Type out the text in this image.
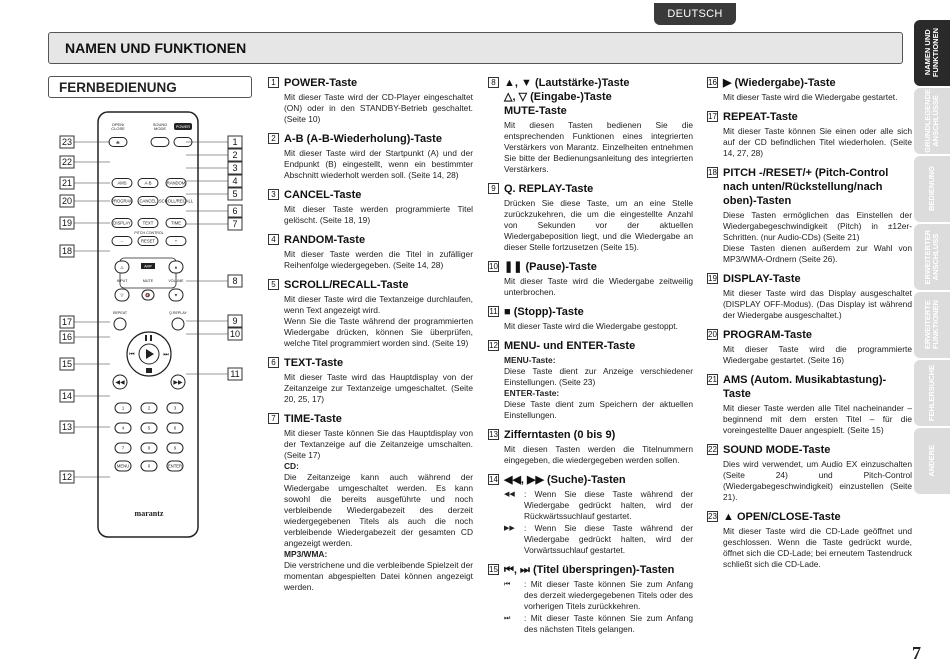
DEUTSCH
NAMEN UND FUNKTIONEN
NAMEN UND
FUNKTIONEN
GRUNDLEGENDE
ANSCHLÜSSE
BEDIENUNG
ERWEITERTER
ANSCHLUSS
ERWEITERTE
FUNKTIONEN
FEHLERSUCHE
ANDERE
FERNBEDIENUNG
OPEN/
CLOSE
SOUND
MODE
⏏
POWER
AMS	A-B	RANDOM
PROGRAM CANCEL SCROLL/RECALL
DISPLAY	TEXT	TIME
PITCH CONTROL
−	RESET	+
△	▲
AMP
INPUT	MUTE	VOLUME
▽	🔇	▼
REPEAT	Q.REPLAY
⏮	⏭
◀◀	▶▶
1	2	3
4	5	6
7	8	9
MENU	0	ENTER
marantz
23
22
21
20
19
18
17
16
15
14
13
12
1
2
3
4
5
6
7
8
9
10
11
1 POWER-Taste
Mit dieser Taste wird der CD-Player eingeschaltet (ON) oder in den STANDBY-Betrieb geschaltet. (Seite 10)
2 A-B (A-B-Wiederholung)-Taste
Mit dieser Taste wird der Startpunkt (A) und der Endpunkt (B) eingestellt, wenn ein bestimmter Abschnitt wiederholt werden soll. (Seite 14, 28)
3 CANCEL-Taste
Mit dieser Taste werden programmierte Titel gelöscht. (Seite 18, 19)
4 RANDOM-Taste
Mit dieser Taste werden die Titel in zufälliger Reihenfolge wiedergegeben. (Seite 14, 28)
5 SCROLL/RECALL-Taste
Mit dieser Taste wird die Textanzeige durchlaufen, wenn Text angezeigt wird.
Wenn Sie die Taste während der programmierten Wiedergabe drücken, können Sie überprüfen, welche Titel programmiert worden sind. (Seite 19)
6 TEXT-Taste
Mit dieser Taste wird das Hauptdisplay von der Zeitanzeige zur Textanzeige umgeschaltet. (Seite 20, 25, 17)
7 TIME-Taste
Mit dieser Taste können Sie das Hauptdisplay von der Textanzeige auf die Zeitanzeige umschalten. (Seite 17)
CD:
Die Zeitanzeige kann auch während der Wiedergabe umgeschaltet werden. Es kann sowohl die bereits ausgeführte und noch verbleibende Wiedergabezeit des derzeit wiedergegebenen Titels als auch die noch verbleibende Wiedergabezeit der gesamten CD angezeigt werden.
MP3/WMA:
Die verstrichene und die verbleibende Spielzeit der momentan abgespielten Datei können angezeigt werden.
8 ▲, ▼ (Lautstärke-)Taste
△, ▽ (Eingabe-)Taste
MUTE-Taste
Mit diesen Tasten bedienen Sie die entsprechenden Funktionen eines integrierten Verstärkers von Marantz. Einzelheiten entnehmen Sie bitte der Bedienungsanleitung des integrierten Verstärkers.
9 Q. REPLAY-Taste
Drücken Sie diese Taste, um an eine Stelle zurückzukehren, die um die eingestellte Anzahl von Sekunden vor der aktuellen Wiedergabeposition liegt, und die Wiedergabe an dieser Stelle fortzusetzen (Seite 15).
10 ❚❚ (Pause)-Taste
Mit dieser Taste wird die Wiedergabe zeitweilig unterbrochen.
11 ■ (Stopp)-Taste
Mit dieser Taste wird die Wiedergabe gestoppt.
12 MENU- und ENTER-Taste
MENU-Taste:
Diese Taste dient zur Anzeige verschiedener Einstellungen. (Seite 23)
ENTER-Taste:
Diese Taste dient zum Speichern der aktuellen Einstellungen.
13 Zifferntasten (0 bis 9)
Mit diesen Tasten werden die Titelnummern eingegeben, die wiedergegeben werden sollen.
14 ◀◀, ▶▶ (Suche)-Tasten
◀◀	: Wenn Sie diese Taste während der Wiedergabe gedrückt halten, wird der Rückwärtssuchlauf gestartet.
▶▶	: Wenn Sie diese Taste während der Wiedergabe gedrückt halten, wird der Vorwärtssuchlauf gestartet.
15 ⏮, ⏭ (Titel überspringen)-Tasten
⏮	: Mit dieser Taste können Sie zum Anfang des derzeit wiedergegebenen Titels oder des vorherigen Titels zurückkehren.
⏭	: Mit dieser Taste können Sie zum Anfang des nächsten Titels gelangen.
16 ▶ (Wiedergabe)-Taste
Mit dieser Taste wird die Wiedergabe gestartet.
17 REPEAT-Taste
Mit dieser Taste können Sie einen oder alle sich auf der CD befindlichen Titel wiederholen. (Seite 14, 27, 28)
18 PITCH -/RESET/+ (Pitch-Control nach unten/Rückstellung/nach oben)-Tasten
Diese Tasten ermöglichen das Einstellen der Wiedergabegeschwindigkeit (Pitch) in ±12er-Schritten. (nur Audio-CDs) (Seite 21)
Diese Tasten dienen außerdem zur Wahl von MP3/WMA-Ordnern (Seite 26).
19 DISPLAY-Taste
Mit dieser Taste wird das Display ausgeschaltet (DISPLAY OFF-Modus). (Das Display ist während der Wiedergabe ausgeschaltet.)
20 PROGRAM-Taste
Mit dieser Taste wird die programmierte Wiedergabe gestartet. (Seite 16)
21 AMS (Autom. Musikabtastung)-Taste
Mit dieser Taste werden alle Titel nacheinander – beginnend mit dem ersten Titel – für die voreingestellte Dauer angespielt. (Seite 15)
22 SOUND MODE-Taste
Dies wird verwendet, um Audio EX einzuschalten (Seite 24) und Pitch-Control (Wiedergabegeschwindigkeit) einzustellen (Seite 21).
23 ▲ OPEN/CLOSE-Taste
Mit dieser Taste wird die CD-Lade geöffnet und geschlossen. Wenn die Taste gedrückt wurde, öffnet sich die CD-Lade; bei erneutem Tastendruck schließt sich die CD-Lade.
7
